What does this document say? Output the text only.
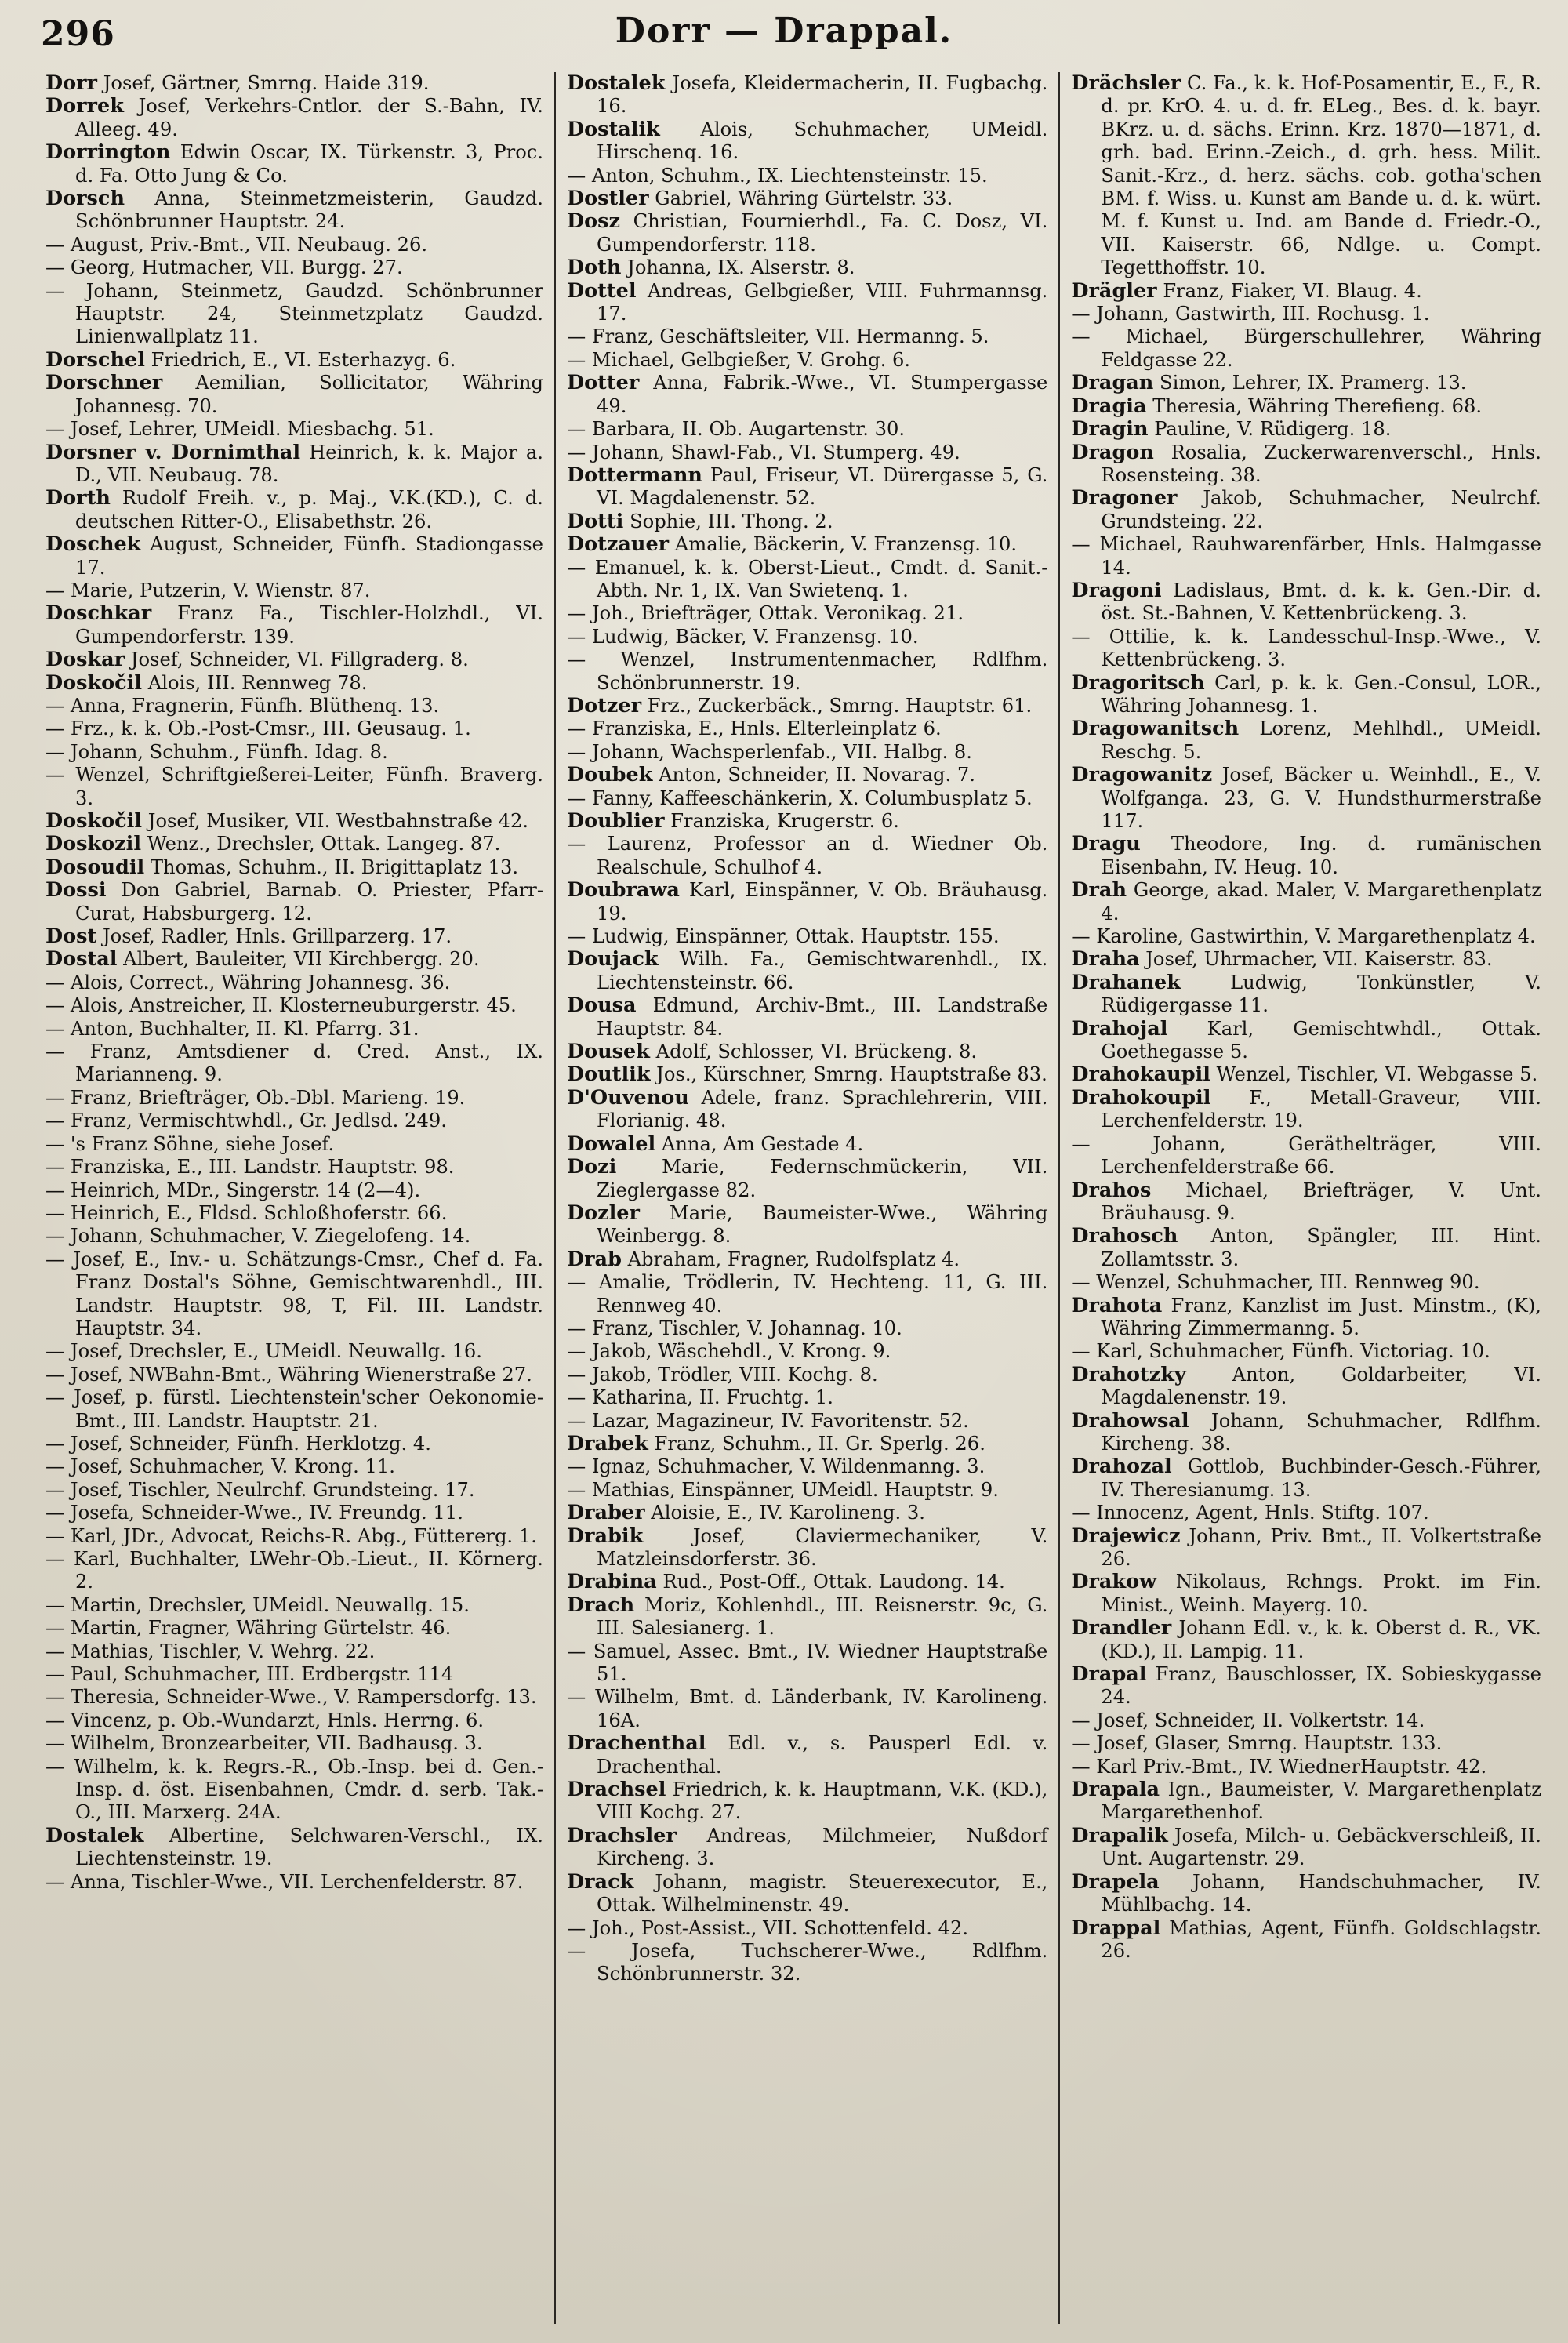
296	Dorr — Drappal.

Dorr Josef, Gärtner, Smrng. Haide 319.

Dorrek Josef, Verkehrs-Cntlor. der S.-Bahn, IV. Alleeg. 49.

Dorrington Edwin Oscar, IX. Türkenstr. 3, Proc. d. Fa. Otto Jung & Co.

Dorsch Anna, Steinmetzmeisterin, Gaudzd. Schönbrunner Hauptstr. 24.

— August, Priv.-Bmt., VII. Neubaug. 26.

— Georg, Hutmacher, VII. Burgg. 27.

— Johann, Steinmetz, Gaudzd. Schönbrunner Hauptstr. 24, Steinmetzplatz Gaudzd. Linienwallplatz 11.

Dorschel Friedrich, E., VI. Esterhazyg. 6.

Dorschner Aemilian, Sollicitator, Währing Johannesg. 70.

— Josef, Lehrer, UMeidl. Miesbachg. 51.

Dorsner v. Dornimthal Heinrich, k. k. Major a. D., VII. Neubaug. 78.

Dorth Rudolf Freih. v., p. Maj., V.K.(KD.), C. d. deutschen Ritter-O., Elisabethstr. 26.

Doschek August, Schneider, Fünfh. Stadiongasse 17.

— Marie, Putzerin, V. Wienstr. 87.

Doschkar Franz Fa., Tischler-Holzhdl., VI. Gumpendorferstr. 139.

Doskar Josef, Schneider, VI. Fillgraderg. 8.

Doskočil Alois, III. Rennweg 78.

— Anna, Fragnerin, Fünfh. Blüthenq. 13.

— Frz., k. k. Ob.-Post-Cmsr., III. Geusaug. 1.

— Johann, Schuhm., Fünfh. Idag. 8.

— Wenzel, Schriftgießerei-Leiter, Fünfh. Braverg. 3.

Doskočil Josef, Musiker, VII. Westbahnstraße 42.

Doskozil Wenz., Drechsler, Ottak. Langeg. 87.

Dosoudil Thomas, Schuhm., II. Brigittaplatz 13.

Dossi Don Gabriel, Barnab. O. Priester, Pfarr-Curat, Habsburgerg. 12.

Dost Josef, Radler, Hnls. Grillparzerg. 17.

Dostal Albert, Bauleiter, VII Kirchbergg. 20.

— Alois, Correct., Währing Johannesg. 36.

— Alois, Anstreicher, II. Klosterneuburgerstr. 45.

— Anton, Buchhalter, II. Kl. Pfarrg. 31.

— Franz, Amtsdiener d. Cred. Anst., IX. Marianneng. 9.

— Franz, Briefträger, Ob.-Dbl. Marieng. 19.

— Franz, Vermischtwhdl., Gr. Jedlsd. 249.

— 's Franz Söhne, siehe Josef.

— Franziska, E., III. Landstr. Hauptstr. 98.

— Heinrich, MDr., Singerstr. 14 (2—4).

— Heinrich, E., Fldsd. Schloßhoferstr. 66.

— Johann, Schuhmacher, V. Ziegelofeng. 14.

— Josef, E., Inv.- u. Schätzungs-Cmsr., Chef d. Fa. Franz Dostal's Söhne, Gemischtwarenhdl., III. Landstr. Hauptstr. 98, T, Fil. III. Landstr. Hauptstr. 34.

— Josef, Drechsler, E., UMeidl. Neuwallg. 16.

— Josef, NWBahn-Bmt., Währing Wienerstraße 27.

— Josef, p. fürstl. Liechtenstein'scher Oekonomie-Bmt., III. Landstr. Hauptstr. 21.

— Josef, Schneider, Fünfh. Herklotzg. 4.

— Josef, Schuhmacher, V. Krong. 11.

— Josef, Tischler, Neulrchf. Grundsteing. 17.

— Josefa, Schneider-Wwe., IV. Freundg. 11.

— Karl, JDr., Advocat, Reichs-R. Abg., Füttererg. 1.

— Karl, Buchhalter, LWehr-Ob.-Lieut., II. Körnerg. 2.

— Martin, Drechsler, UMeidl. Neuwallg. 15.

— Martin, Fragner, Währing Gürtelstr. 46.

— Mathias, Tischler, V. Wehrg. 22.

— Paul, Schuhmacher, III. Erdbergstr. 114

— Theresia, Schneider-Wwe., V. Rampersdorfg. 13.

— Vincenz, p. Ob.-Wundarzt, Hnls. Herrng. 6.

— Wilhelm, Bronzearbeiter, VII. Badhausg. 3.

— Wilhelm, k. k. Regrs.-R., Ob.-Insp. bei d. Gen.-Insp. d. öst. Eisenbahnen, Cmdr. d. serb. Tak.-O., III. Marxerg. 24A.

Dostalek Albertine, Selchwaren-Verschl., IX. Liechtensteinstr. 19.

— Anna, Tischler-Wwe., VII. Lerchenfelderstr. 87.

Dostalek Josefa, Kleidermacherin, II. Fugbachg. 16.

Dostalik Alois, Schuhmacher, UMeidl. Hirschenq. 16.

— Anton, Schuhm., IX. Liechtensteinstr. 15.

Dostler Gabriel, Währing Gürtelstr. 33.

Dosz Christian, Fournierhdl., Fa. C. Dosz, VI. Gumpendorferstr. 118.

Doth Johanna, IX. Alserstr. 8.

Dottel Andreas, Gelbgießer, VIII. Fuhrmannsg. 17.

— Franz, Geschäftsleiter, VII. Hermanng. 5.

— Michael, Gelbgießer, V. Grohg. 6.

Dotter Anna, Fabrik.-Wwe., VI. Stumpergasse 49.

— Barbara, II. Ob. Augartenstr. 30.

— Johann, Shawl-Fab., VI. Stumperg. 49.

Dottermann Paul, Friseur, VI. Dürergasse 5, G. VI. Magdalenenstr. 52.

Dotti Sophie, III. Thong. 2.

Dotzauer Amalie, Bäckerin, V. Franzensg. 10.

— Emanuel, k. k. Oberst-Lieut., Cmdt. d. Sanit.-Abth. Nr. 1, IX. Van Swietenq. 1.

— Joh., Briefträger, Ottak. Veronikag. 21.

— Ludwig, Bäcker, V. Franzensg. 10.

— Wenzel, Instrumentenmacher, Rdlfhm. Schönbrunnerstr. 19.

Dotzer Frz., Zuckerbäck., Smrng. Hauptstr. 61.

— Franziska, E., Hnls. Elterleinplatz 6.

— Johann, Wachsperlenfab., VII. Halbg. 8.

Doubek Anton, Schneider, II. Novarag. 7.

— Fanny, Kaffeeschänkerin, X. Columbusplatz 5.

Doublier Franziska, Krugerstr. 6.

— Laurenz, Professor an d. Wiedner Ob. Realschule, Schulhof 4.

Doubrawa Karl, Einspänner, V. Ob. Bräuhausg. 19.

— Ludwig, Einspänner, Ottak. Hauptstr. 155.

Doujack Wilh. Fa., Gemischtwarenhdl., IX. Liechtensteinstr. 66.

Dousa Edmund, Archiv-Bmt., III. Landstraße Hauptstr. 84.

Dousek Adolf, Schlosser, VI. Brückeng. 8.

Doutlik Jos., Kürschner, Smrng. Hauptstraße 83.

D'Ouvenou Adele, franz. Sprachlehrerin, VIII. Florianig. 48.

Dowalel Anna, Am Gestade 4.

Dozi Marie, Federnschmückerin, VII. Zieglergasse 82.

Dozler Marie, Baumeister-Wwe., Währing Weinbergg. 8.

Drab Abraham, Fragner, Rudolfsplatz 4.

— Amalie, Trödlerin, IV. Hechteng. 11, G. III. Rennweg 40.

— Franz, Tischler, V. Johannag. 10.

— Jakob, Wäschehdl., V. Krong. 9.

— Jakob, Trödler, VIII. Kochg. 8.

— Katharina, II. Fruchtg. 1.

— Lazar, Magazineur, IV. Favoritenstr. 52.

Drabek Franz, Schuhm., II. Gr. Sperlg. 26.

— Ignaz, Schuhmacher, V. Wildenmanng. 3.

— Mathias, Einspänner, UMeidl. Hauptstr. 9.

Draber Aloisie, E., IV. Karolineng. 3.

Drabik Josef, Claviermechaniker, V. Matzleinsdorferstr. 36.

Drabina Rud., Post-Off., Ottak. Laudong. 14.

Drach Moriz, Kohlenhdl., III. Reisnerstr. 9c, G. III. Salesianerg. 1.

— Samuel, Assec. Bmt., IV. Wiedner Hauptstraße 51.

— Wilhelm, Bmt. d. Länderbank, IV. Karolineng. 16A.

Drachenthal Edl. v., s. Pausperl Edl. v. Drachenthal.

Drachsel Friedrich, k. k. Hauptmann, V.K. (KD.), VIII Kochg. 27.

Drachsler Andreas, Milchmeier, Nußdorf Kircheng. 3.

Drack Johann, magistr. Steuerexecutor, E., Ottak. Wilhelminenstr. 49.

— Joh., Post-Assist., VII. Schottenfeld. 42.

— Josefa, Tuchscherer-Wwe., Rdlfhm. Schönbrunnerstr. 32.

Drächsler C. Fa., k. k. Hof-Posamentir, E., F., R. d. pr. KrO. 4. u. d. fr. ELeg., Bes. d. k. bayr. BKrz. u. d. sächs. Erinn. Krz. 1870—1871, d. grh. bad. Erinn.-Zeich., d. grh. hess. Milit. Sanit.-Krz., d. herz. sächs. cob. gotha'schen BM. f. Wiss. u. Kunst am Bande u. d. k. würt. M. f. Kunst u. Ind. am Bande d. Friedr.-O., VII. Kaiserstr. 66, Ndlge. u. Compt. Tegetthoffstr. 10.

Drägler Franz, Fiaker, VI. Blaug. 4.

— Johann, Gastwirth, III. Rochusg. 1.

— Michael, Bürgerschullehrer, Währing Feldgasse 22.

Dragan Simon, Lehrer, IX. Pramerg. 13.

Dragia Theresia, Währing Therefieng. 68.

Dragin Pauline, V. Rüdigerg. 18.

Dragon Rosalia, Zuckerwarenverschl., Hnls. Rosensteing. 38.

Dragoner Jakob, Schuhmacher, Neulrchf. Grundsteing. 22.

— Michael, Rauhwarenfärber, Hnls. Halmgasse 14.

Dragoni Ladislaus, Bmt. d. k. k. Gen.-Dir. d. öst. St.-Bahnen, V. Kettenbrückeng. 3.

— Ottilie, k. k. Landesschul-Insp.-Wwe., V. Kettenbrückeng. 3.

Dragoritsch Carl, p. k. k. Gen.-Consul, LOR., Währing Johannesg. 1.

Dragowanitsch Lorenz, Mehlhdl., UMeidl. Reschg. 5.

Dragowanitz Josef, Bäcker u. Weinhdl., E., V. Wolfganga. 23, G. V. Hundsthurmerstraße 117.

Dragu Theodore, Ing. d. rumänischen Eisenbahn, IV. Heug. 10.

Drah George, akad. Maler, V. Margarethenplatz 4.

— Karoline, Gastwirthin, V. Margarethenplatz 4.

Draha Josef, Uhrmacher, VII. Kaiserstr. 83.

Drahanek Ludwig, Tonkünstler, V. Rüdigergasse 11.

Drahojal Karl, Gemischtwhdl., Ottak. Goethegasse 5.

Drahokaupil Wenzel, Tischler, VI. Webgasse 5.

Drahokoupil F., Metall-Graveur, VIII. Lerchenfelderstr. 19.

— Johann, Geräthelträger, VIII. Lerchenfelderstraße 66.

Drahos Michael, Briefträger, V. Unt. Bräuhausg. 9.

Drahosch Anton, Spängler, III. Hint. Zollamtsstr. 3.

— Wenzel, Schuhmacher, III. Rennweg 90.

Drahota Franz, Kanzlist im Just. Minstm., (K), Währing Zimmermanng. 5.

— Karl, Schuhmacher, Fünfh. Victoriag. 10.

Drahotzky Anton, Goldarbeiter, VI. Magdalenenstr. 19.

Drahowsal Johann, Schuhmacher, Rdlfhm. Kircheng. 38.

Drahozal Gottlob, Buchbinder-Gesch.-Führer, IV. Theresianumg. 13.

— Innocenz, Agent, Hnls. Stiftg. 107.

Drajewicz Johann, Priv. Bmt., II. Volkertstraße 26.

Drakow Nikolaus, Rchngs. Prokt. im Fin. Minist., Weinh. Mayerg. 10.

Drandler Johann Edl. v., k. k. Oberst d. R., VK. (KD.), II. Lampig. 11.

Drapal Franz, Bauschlosser, IX. Sobieskygasse 24.

— Josef, Schneider, II. Volkertstr. 14.

— Josef, Glaser, Smrng. Hauptstr. 133.

— Karl Priv.-Bmt., IV. WiednerHauptstr. 42.

Drapala Ign., Baumeister, V. Margarethenplatz Margarethenhof.

Drapalik Josefa, Milch- u. Gebäckverschleiß, II. Unt. Augartenstr. 29.

Drapela Johann, Handschuhmacher, IV. Mühlbachg. 14.

Drappal Mathias, Agent, Fünfh. Goldschlagstr. 26.
